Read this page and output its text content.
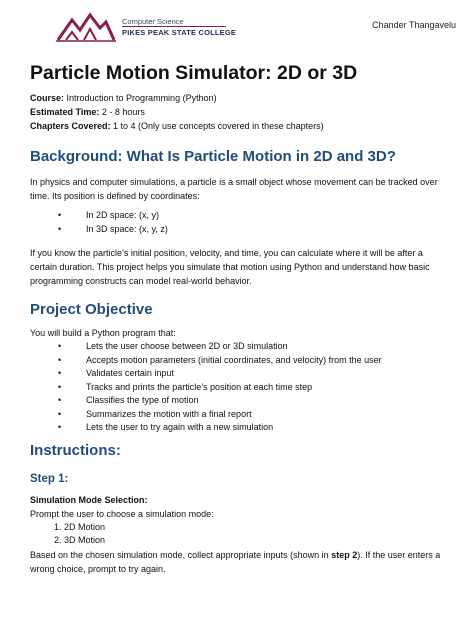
Computer Science
PIKES PEAK STATE COLLEGE
Chander Thangavelu
Particle Motion Simulator: 2D or 3D
Course: Introduction to Programming (Python)
Estimated Time: 2 - 8 hours
Chapters Covered: 1 to 4 (Only use concepts covered in these chapters)
Background: What Is Particle Motion in 2D and 3D?

In physics and computer simulations, a particle is a small object whose movement can be tracked over time. Its position is defined by coordinates:

• In 2D space: (x, y)
• In 3D space: (x, y, z)

If you know the particle’s initial position, velocity, and time, you can calculate where it will be after a certain duration. This project helps you simulate that motion using Python and understand how basic programming constructs can model real-world behavior.

Project Objective

You will build a Python program that:

• Lets the user choose between 2D or 3D simulation
• Accepts motion parameters (initial coordinates, and velocity) from the user
• Validates certain input
• Tracks and prints the particle’s position at each time step
• Classifies the type of motion
• Summarizes the motion with a final report
• Lets the user to try again with a new simulation
Instructions:
Step 1:

Simulation Mode Selection:

Prompt the user to choose a simulation mode:

1. 2D Motion
2. 3D Motion

Based on the chosen simulation mode, collect appropriate inputs (shown in step 2). If the user enters a wrong choice, prompt to try again.
